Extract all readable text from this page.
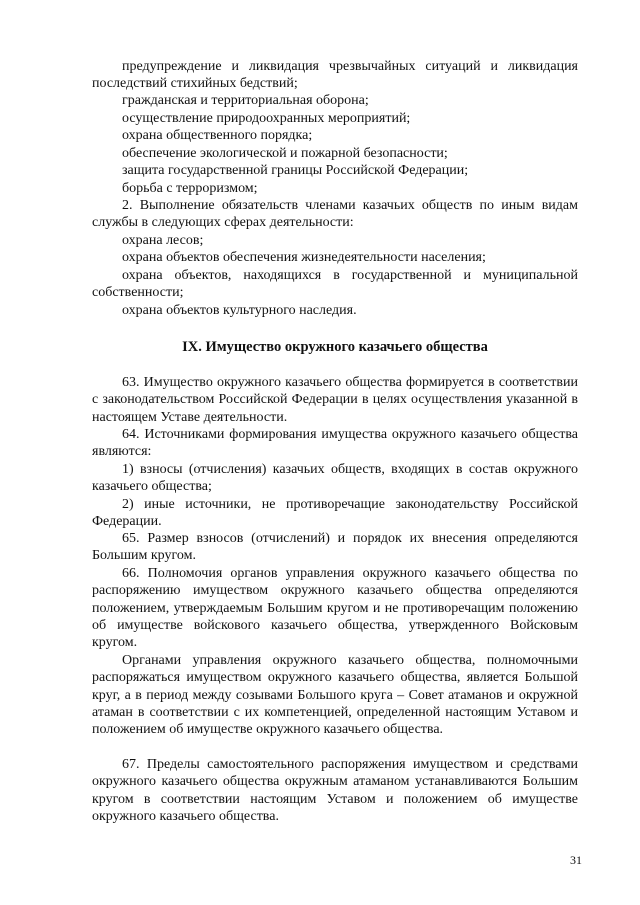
предупреждение и ликвидация чрезвычайных ситуаций и ликвидация последствий стихийных бедствий;
гражданская и территориальная оборона;
осуществление природоохранных мероприятий;
охрана общественного порядка;
обеспечение экологической и пожарной безопасности;
защита государственной границы Российской Федерации;
борьба с терроризмом;
2. Выполнение обязательств членами казачьих обществ по иным видам службы в следующих сферах деятельности:
охрана лесов;
охрана объектов обеспечения жизнедеятельности населения;
охрана объектов, находящихся в государственной и муниципальной собственности;
охрана объектов культурного наследия.
IX. Имущество окружного казачьего общества
63. Имущество окружного казачьего общества формируется в соответствии с законодательством Российской Федерации в целях осуществления указанной в настоящем Уставе деятельности.
64. Источниками формирования имущества окружного казачьего общества являются:
1) взносы (отчисления) казачьих обществ, входящих в состав окружного казачьего общества;
2) иные источники, не противоречащие законодательству Российской Федерации.
65. Размер взносов (отчислений) и порядок их внесения определяются Большим кругом.
66. Полномочия органов управления окружного казачьего общества по распоряжению имуществом окружного казачьего общества определяются положением, утверждаемым Большим кругом и не противоречащим положению об имуществе войскового казачьего общества, утвержденного Войсковым кругом.
Органами управления окружного казачьего общества, полномочными распоряжаться имуществом окружного казачьего общества, является Большой круг, а в период между созывами Большого круга – Совет атаманов и окружной атаман в соответствии с их компетенцией, определенной настоящим Уставом и положением об имуществе окружного казачьего общества.
67. Пределы самостоятельного распоряжения имуществом и средствами окружного казачьего общества окружным атаманом устанавливаются Большим кругом в соответствии настоящим Уставом и положением об имуществе окружного казачьего общества.
31
